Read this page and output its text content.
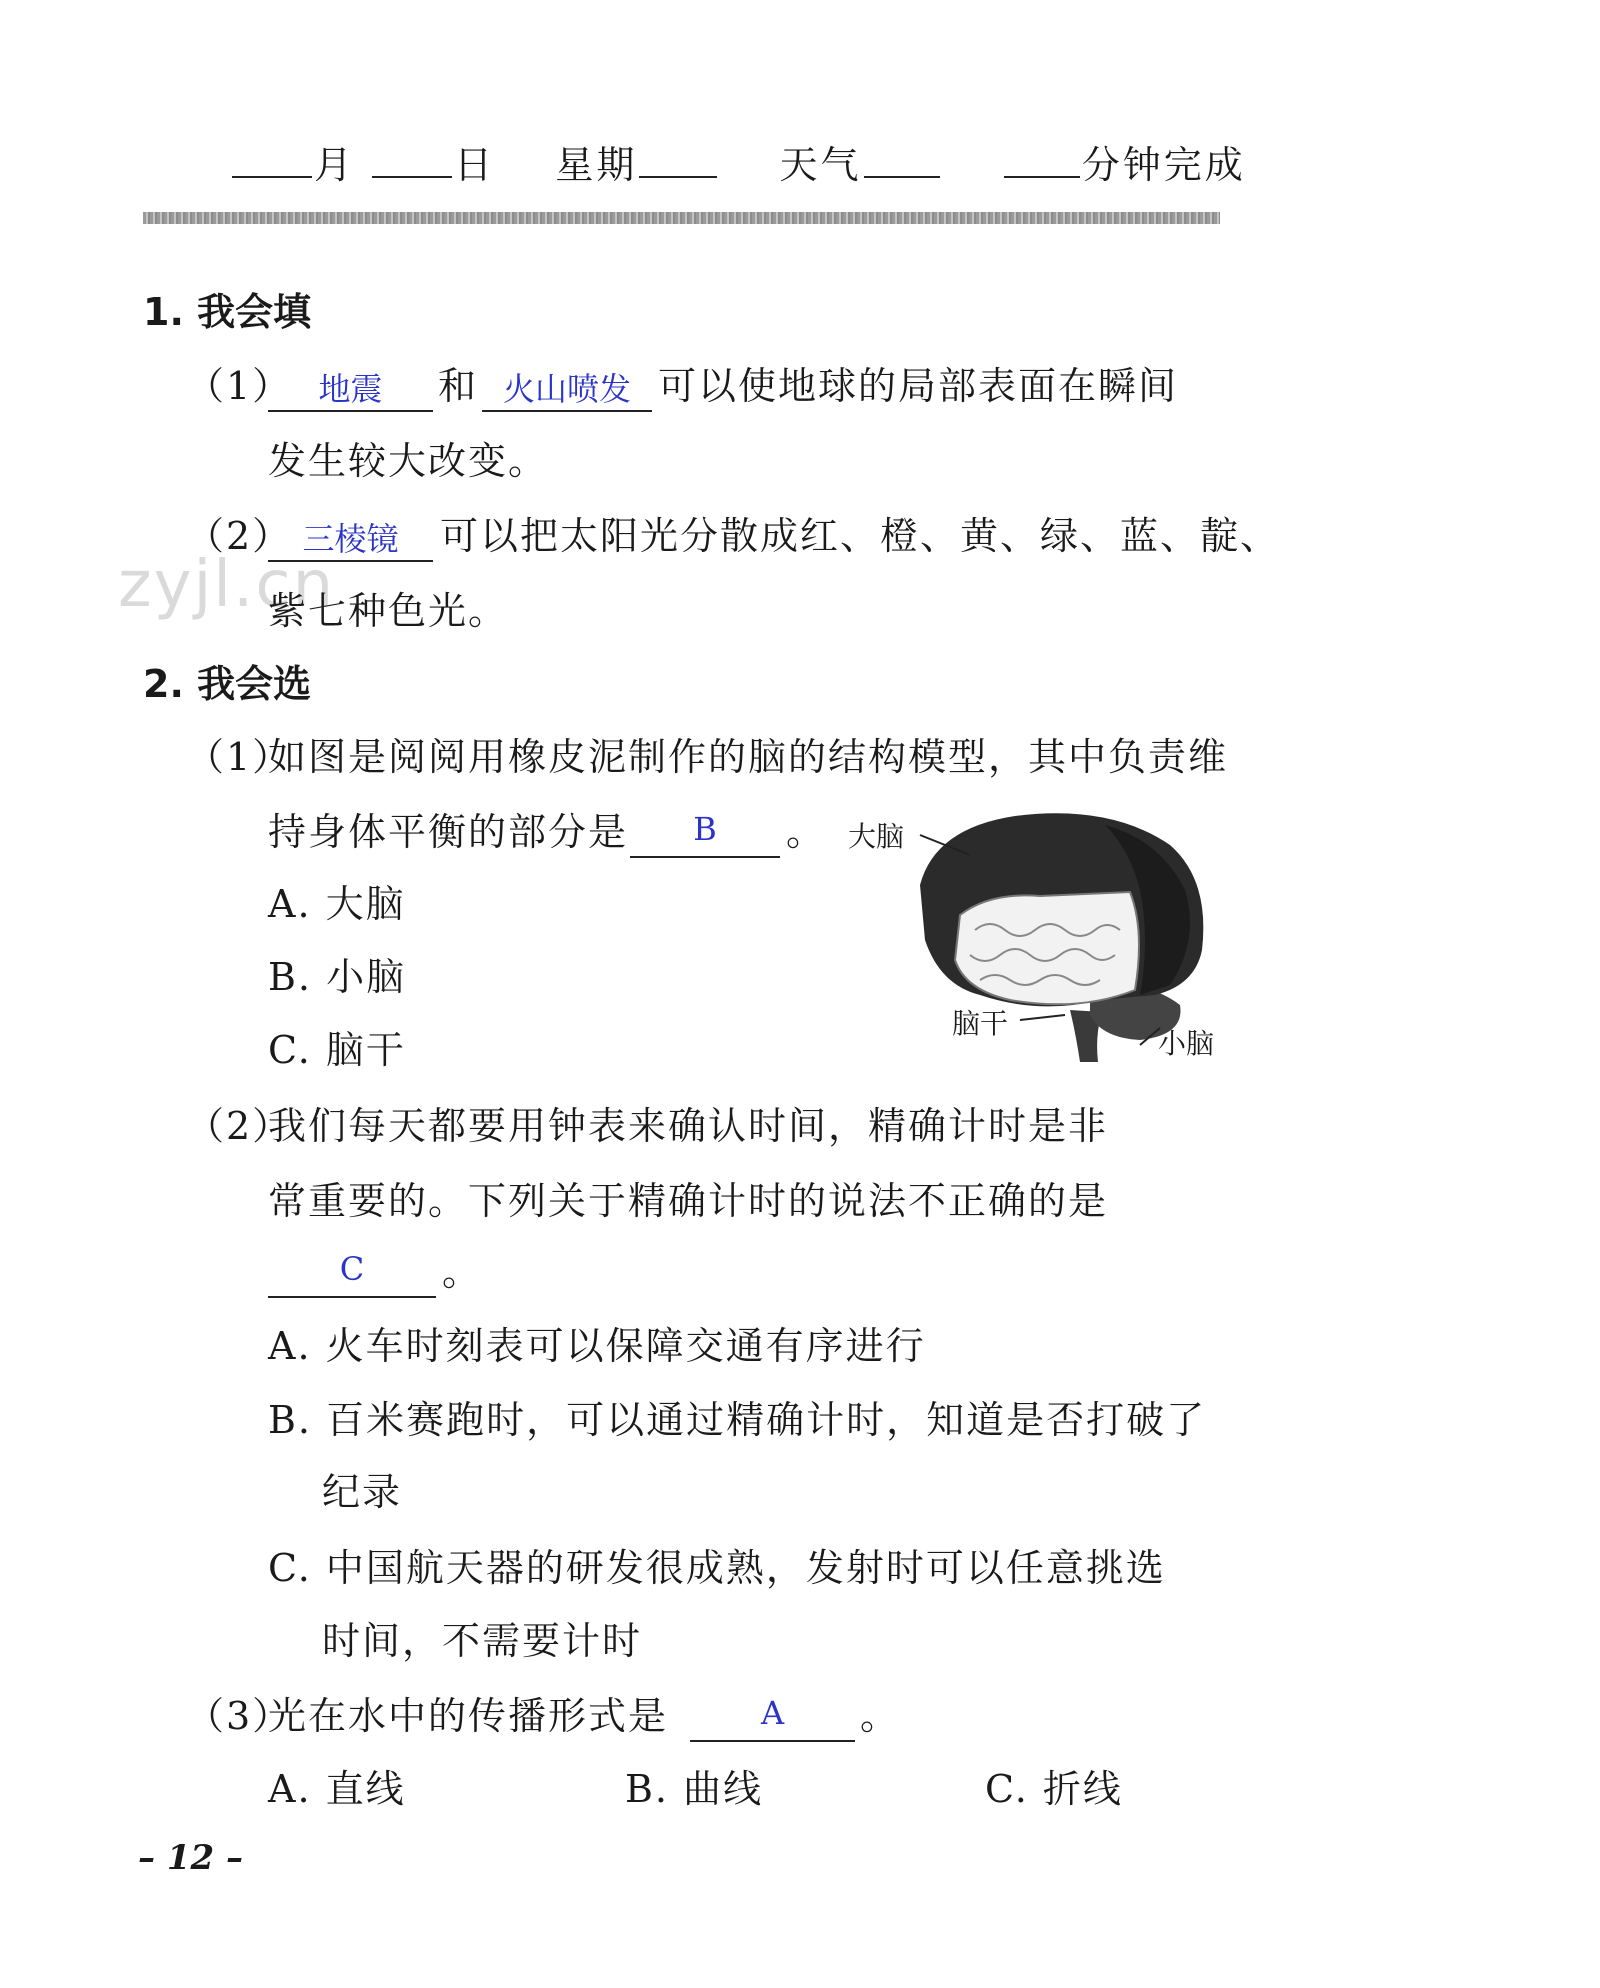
月	日 星期	天气	分钟完成
zyjl.cn
1. 我会填
（1） 地震	和 火山喷发 可以使地球的局部表面在瞬间
发生较大改变。
（2） 三棱镜	可以把太阳光分散成红、橙、黄、绿、蓝、靛、
紫七种色光。
2. 我会选
（1）
如图是阅阅用橡皮泥制作的脑的结构模型，其中负责维
持身体平衡的部分是	B	。
A. 大脑
B. 小脑
C. 脑干
大脑
脑干
小脑
（2）
我们每天都要用钟表来确认时间，精确计时是非
常重要的。下列关于精确计时的说法不正确的是
C	。
A. 火车时刻表可以保障交通有序进行
B. 百米赛跑时，可以通过精确计时，知道是否打破了
纪录
C. 中国航天器的研发很成熟，发射时可以任意挑选
时间，不需要计时
（3）
光在水中的传播形式是	A	。
A. 直线	B. 曲线	C. 折线
– 12 –
